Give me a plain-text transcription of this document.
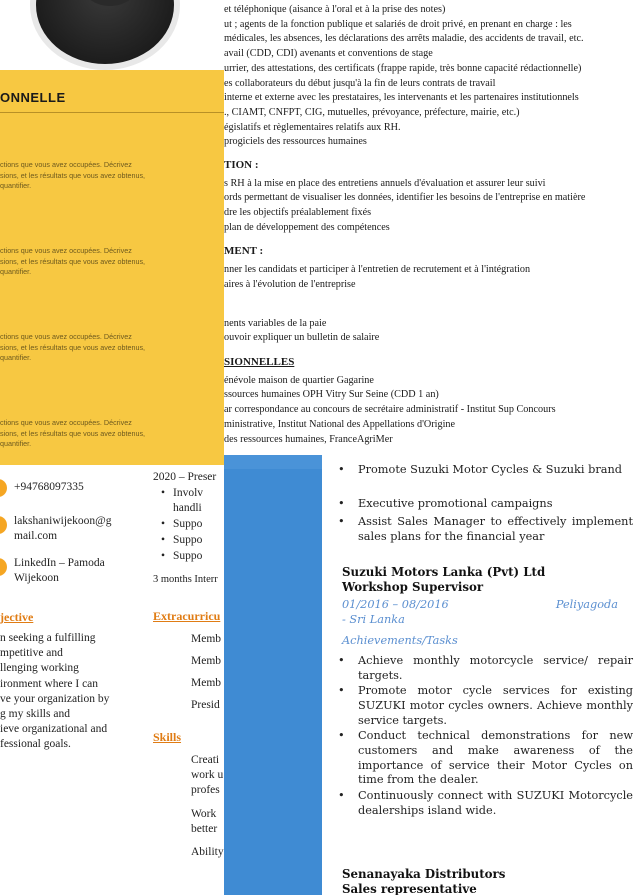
et téléphonique (aisance à l'oral et à la prise des notes)
ut ; agents de la fonction publique et salariés de droit privé, en prenant en charge : les
médicales, les absences, les déclarations des arrêts maladie, des accidents de travail, etc.
avail (CDD, CDI) avenants et conventions de stage
urrier, des attestations, des certificats (frappe rapide, très bonne capacité rédactionnelle)
es collaborateurs du début jusqu'à la fin de leurs contrats de travail
interne et externe avec les prestataires, les intervenants et les partenaires institutionnels
., CIAMT, CNFPT, CIG, mutuelles, prévoyance, préfecture, mairie, etc.)
égislatifs et règlementaires relatifs aux RH.
progiciels des ressources humaines
TION :
s RH à la mise en place des entretiens annuels d'évaluation et assurer leur suivi
ords permettant de visualiser les données, identifier les besoins de l'entreprise en matière
dre les objectifs préalablement fixés
plan de développement des compétences
MENT :
nner les candidats et participer à l'entretien de recrutement et à l'intégration
aires à l'évolution de l'entreprise
nents variables de la paie
ouvoir expliquer un bulletin de salaire
SIONNELLES
énévole maison de quartier Gagarine
ssources humaines OPH Vitry Sur Seine (CDD 1 an)
ar correspondance au concours de secrétaire administratif - Institut Sup Concours
ministrative, Institut National des Appellations d'Origine
des ressources humaines, FranceAgriMer
ONNELLE
ctions que vous avez occupées. Décrivez
sions, et les résultats que vous avez obtenus,
quantifier.
ctions que vous avez occupées. Décrivez
sions, et les résultats que vous avez obtenus,
quantifier.
ctions que vous avez occupées. Décrivez
sions, et les résultats que vous avez obtenus,
quantifier.
ctions que vous avez occupées. Décrivez
sions, et les résultats que vous avez obtenus,
quantifier.
+94768097335
lakshaniwijekoon@g
mail.com
LinkedIn – Pamoda
Wijekoon
jective
n seeking a fulfilling
mpetitive and
llenging working
ironment where I can
ve your organization by
g my skills and
ieve organizational and
fessional goals.
2020 – Preser
• Involv
handli
• Suppo
• Suppo
• Suppo
3 months Interr
Extracurricu
Memb
Memb
Memb
Presid
Skills
Creati
work u
profes
Work
better
Ability
• Promote Suzuki Motor Cycles & Suzuki brand
• Executive promotional campaigns
• Assist Sales Manager to effectively implement sales plans for the financial year
Suzuki Motors Lanka (Pvt) Ltd
Workshop Supervisor
01/2016 – 08/2016	Peliyagoda
- Sri Lanka
Achievements/Tasks
• Achieve monthly motorcycle service/ repair targets.
• Promote motor cycle services for existing SUZUKI motor cycles owners. Achieve monthly service targets.
• Conduct technical demonstrations for new customers and make awareness of the importance of service their Motor Cycles on time from the dealer.
• Continuously connect with SUZUKI Motorcycle dealerships island wide.
Senanayaka Distributors
Sales representative
